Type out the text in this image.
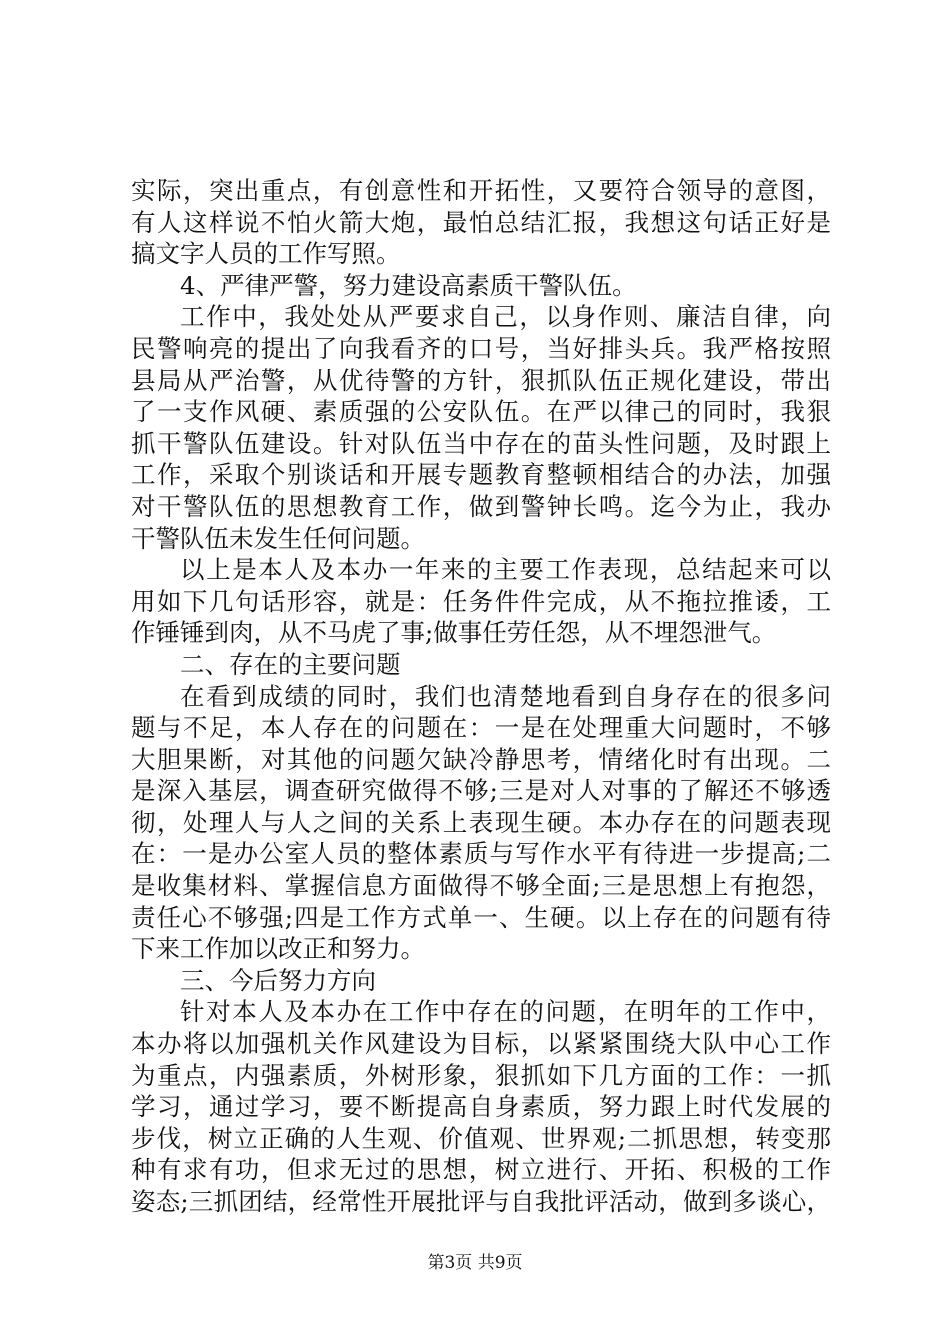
实际，突出重点，有创意性和开拓性，又要符合领导的意图，
有人这样说不怕火箭大炮，最怕总结汇报，我想这句话正好是
搞文字人员的工作写照。
4、严律严警，努力建设高素质干警队伍。
工作中，我处处从严要求自己，以身作则、廉洁自律，向
民警响亮的提出了向我看齐的口号，当好排头兵。我严格按照
县局从严治警，从优待警的方针，狠抓队伍正规化建设，带出
了一支作风硬、素质强的公安队伍。在严以律己的同时，我狠
抓干警队伍建设。针对队伍当中存在的苗头性问题，及时跟上
工作，采取个别谈话和开展专题教育整顿相结合的办法，加强
对干警队伍的思想教育工作，做到警钟长鸣。迄今为止，我办
干警队伍未发生任何问题。
以上是本人及本办一年来的主要工作表现，总结起来可以
用如下几句话形容，就是：任务件件完成，从不拖拉推诿，工
作锤锤到肉，从不马虎了事;做事任劳任怨，从不埋怨泄气。
二、存在的主要问题
在看到成绩的同时，我们也清楚地看到自身存在的很多问
题与不足，本人存在的问题在：一是在处理重大问题时，不够
大胆果断，对其他的问题欠缺冷静思考，情绪化时有出现。二
是深入基层，调查研究做得不够;三是对人对事的了解还不够透
彻，处理人与人之间的关系上表现生硬。本办存在的问题表现
在：一是办公室人员的整体素质与写作水平有待进一步提高;二
是收集材料、掌握信息方面做得不够全面;三是思想上有抱怨，
责任心不够强;四是工作方式单一、生硬。以上存在的问题有待
下来工作加以改正和努力。
三、今后努力方向
针对本人及本办在工作中存在的问题，在明年的工作中，
本办将以加强机关作风建设为目标，以紧紧围绕大队中心工作
为重点，内强素质，外树形象，狠抓如下几方面的工作：一抓
学习，通过学习，要不断提高自身素质，努力跟上时代发展的
步伐，树立正确的人生观、价值观、世界观;二抓思想，转变那
种有求有功，但求无过的思想，树立进行、开拓、积极的工作
姿态;三抓团结，经常性开展批评与自我批评活动，做到多谈心，
第3页 共9页
